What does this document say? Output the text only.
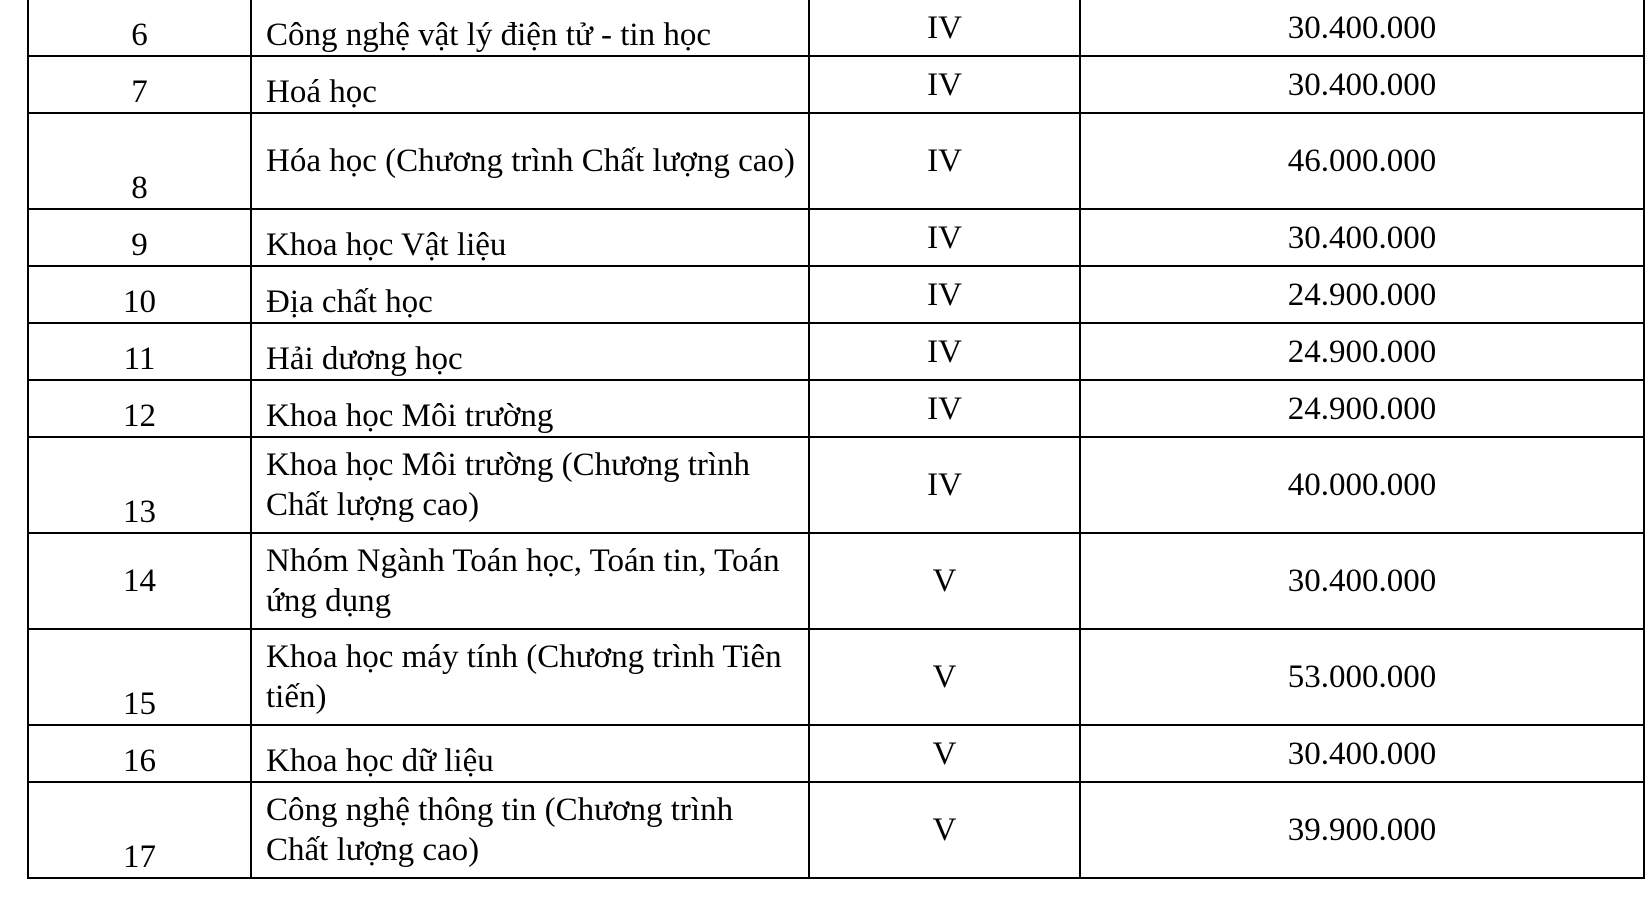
6	Công nghệ vật lý điện tử - tin học	IV	30.400.000
7	Hoá học	IV	30.400.000
8	Hóa học (Chương trình Chất lượng cao)	IV	46.000.000
9	Khoa học Vật liệu	IV	30.400.000
10	Địa chất học	IV	24.900.000
11	Hải dương học	IV	24.900.000
12	Khoa học Môi trường	IV	24.900.000
13	Khoa học Môi trường (Chương trình Chất lượng cao)	IV	40.000.000
14	Nhóm Ngành Toán học, Toán tin, Toán ứng dụng	V	30.400.000
15	Khoa học máy tính (Chương trình Tiên tiến)	V	53.000.000
16	Khoa học dữ liệu	V	30.400.000
17	Công nghệ thông tin (Chương trình Chất lượng cao)	V	39.900.000
